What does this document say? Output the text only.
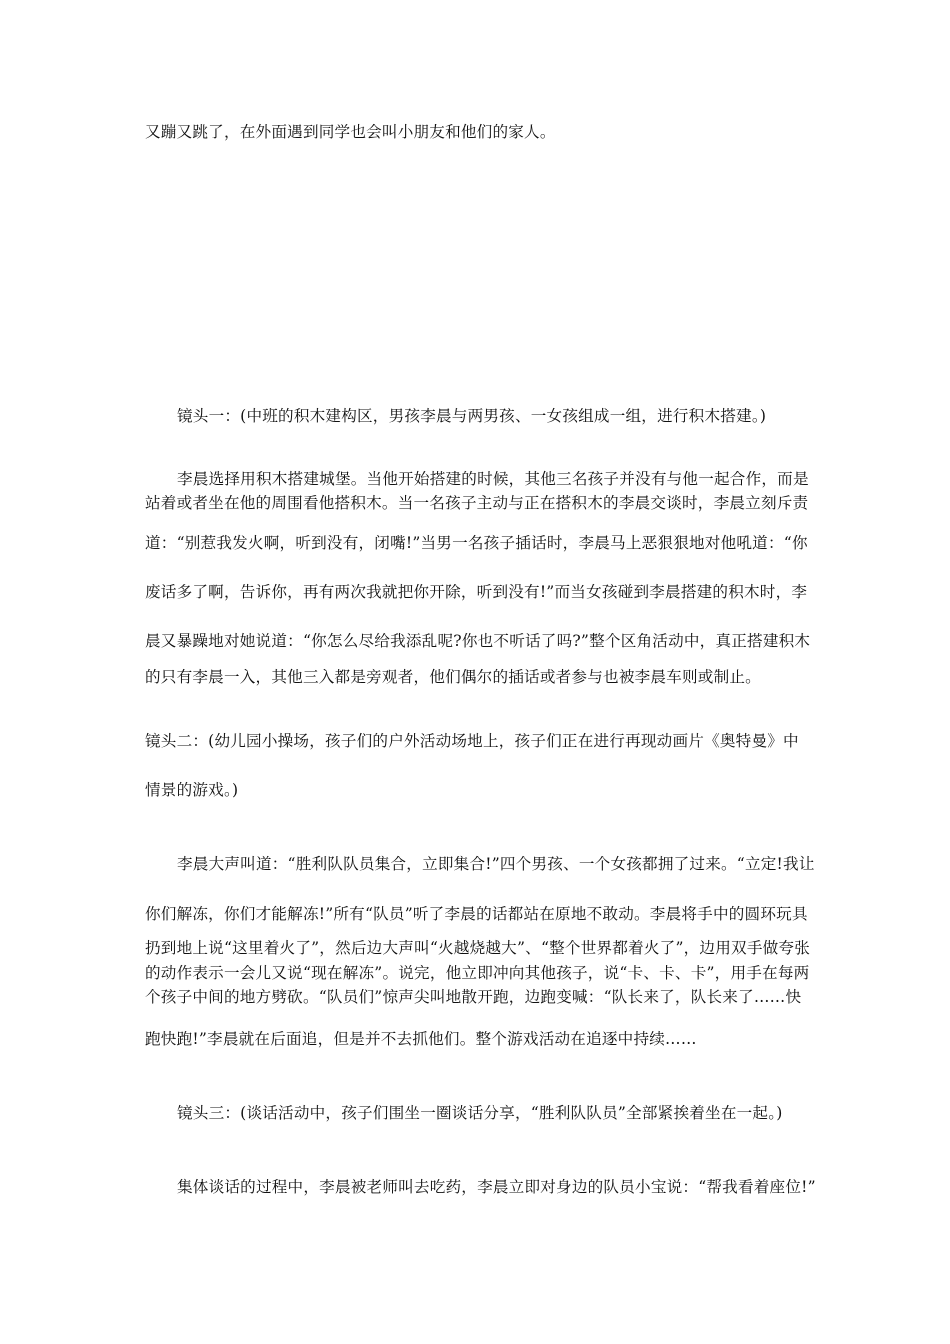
又蹦又跳了，在外面遇到同学也会叫小朋友和他们的家人。
镜头一：(中班的积木建构区，男孩李晨与两男孩、一女孩组成一组，进行积木搭建。)
李晨选择用积木搭建城堡。当他开始搭建的时候，其他三名孩子并没有与他一起合作，而是
站着或者坐在他的周围看他搭积木。当一名孩子主动与正在搭积木的李晨交谈时，李晨立刻斥责
道：“别惹我发火啊，听到没有，闭嘴!”当男一名孩子插话时，李晨马上恶狠狠地对他吼道：“你
废话多了啊，告诉你，再有两次我就把你开除，听到没有!”而当女孩碰到李晨搭建的积木时，李
晨又暴躁地对她说道：“你怎么尽给我添乱呢?你也不听话了吗?”整个区角活动中，真正搭建积木
的只有李晨一入，其他三入都是旁观者，他们偶尔的插话或者参与也被李晨车则或制止。
镜头二：(幼儿园小操场，孩子们的户外活动场地上，孩子们正在进行再现动画片《奥特曼》中
情景的游戏。)
李晨大声叫道：“胜利队队员集合，立即集合!”四个男孩、一个女孩都拥了过来。“立定!我让
你们解冻，你们才能解冻!”所有“队员”听了李晨的话都站在原地不敢动。李晨将手中的圆环玩具
扔到地上说“这里着火了”，然后边大声叫“火越烧越大”、“整个世界都着火了”，边用双手做夸张
的动作表示一会儿又说“现在解冻”。说完，他立即冲向其他孩子，说“卡、卡、卡”，用手在每两
个孩子中间的地方劈砍。“队员们”惊声尖叫地散开跑，边跑变喊：“队长来了，队长来了……快
跑快跑!”李晨就在后面追，但是并不去抓他们。整个游戏活动在追逐中持续……
镜头三：(谈话活动中，孩子们围坐一圈谈话分享，“胜利队队员”全部紧挨着坐在一起。)
集体谈话的过程中，李晨被老师叫去吃药，李晨立即对身边的队员小宝说：“帮我看着座位!”
